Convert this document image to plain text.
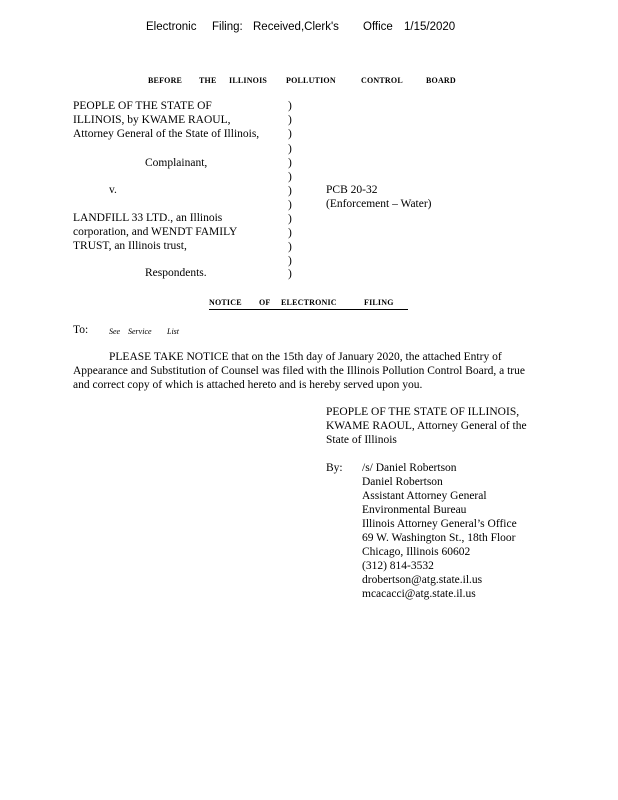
Electronic Filing: Received,Clerk's Office 1/15/2020
BEFORE THE ILLINOIS POLLUTION	CONTROL	BOARD
PEOPLE OF THE STATE OF
ILLINOIS, by KWAME RAOUL,
Attorney General of the State of Illinois,
Complainant,
v.
LANDFILL 33 LTD., an Illinois
corporation, and WENDT FAMILY
TRUST, an Illinois trust,
Respondents.
)
)
)
)
)
)
)
)
)
)
)
)
)
PCB 20-32
(Enforcement – Water)
NOTICE OF ELECTRONIC	FILING
To:	See Service List
PLEASE TAKE NOTICE that on the 15th day of January 2020, the attached Entry of
Appearance and Substitution of Counsel was filed with the Illinois Pollution Control Board, a true
and correct copy of which is attached hereto and is hereby served upon you.
PEOPLE OF THE STATE OF ILLINOIS,
KWAME RAOUL, Attorney General of the
State of Illinois
By: /s/ Daniel Robertson
Daniel Robertson
Assistant Attorney General
Environmental Bureau
Illinois Attorney General’s Office
69 W. Washington St., 18th Floor
Chicago, Illinois 60602
(312) 814-3532
drobertson@atg.state.il.us
mcacacci@atg.state.il.us
